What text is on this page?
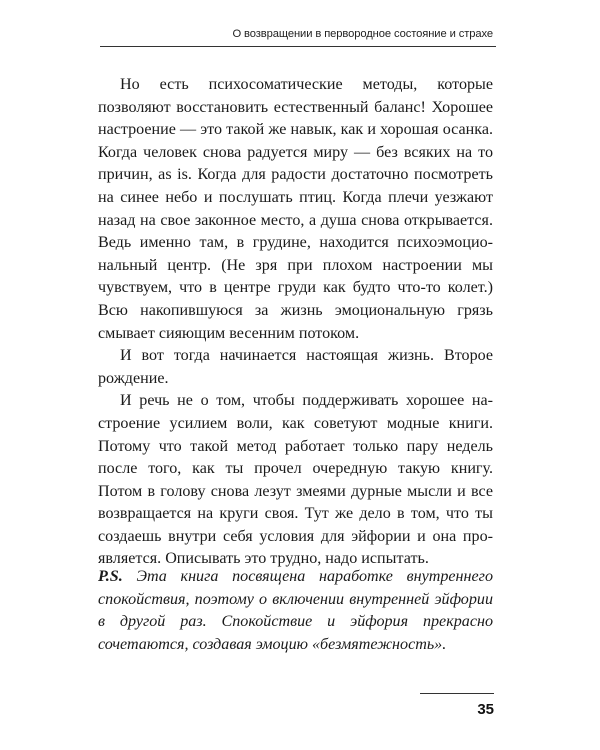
О возвращении в первородное состояние и страхе

Но есть психосоматические методы, которые позволяют восстановить естественный баланс! Хорошее настроение — это такой же навык, как и хорошая осанка. Когда человек снова радуется миру — без всяких на то причин, as is. Когда для радости достаточно посмотреть на синее небо и послушать птиц. Когда плечи уезжают назад на свое законное место, а душа снова открывается. Ведь именно там, в грудине, находится психоэмоциональный центр. (Не зря при плохом настроении мы чувствуем, что в центре груди как будто что-то колет.) Всю накопившуюся за жизнь эмоциональную грязь смывает сияющим весенним потоком.

И вот тогда начинается настоящая жизнь. Второе рождение.

И речь не о том, чтобы поддерживать хорошее настроение усилием воли, как советуют модные книги. Потому что такой метод работает только пару недель после того, как ты прочел очередную такую книгу. Потом в голову снова лезут змеями дурные мысли и все возвращается на круги своя. Тут же дело в том, что ты создаешь внутри себя условия для эйфории и она проявляется. Описывать это трудно, надо испытать.

P.S. Эта книга посвящена наработке внутреннего спокойствия, поэтому о включении внутренней эйфории в другой раз. Спокойствие и эйфория прекрасно сочетаются, создавая эмоцию «безмятежность».

35
